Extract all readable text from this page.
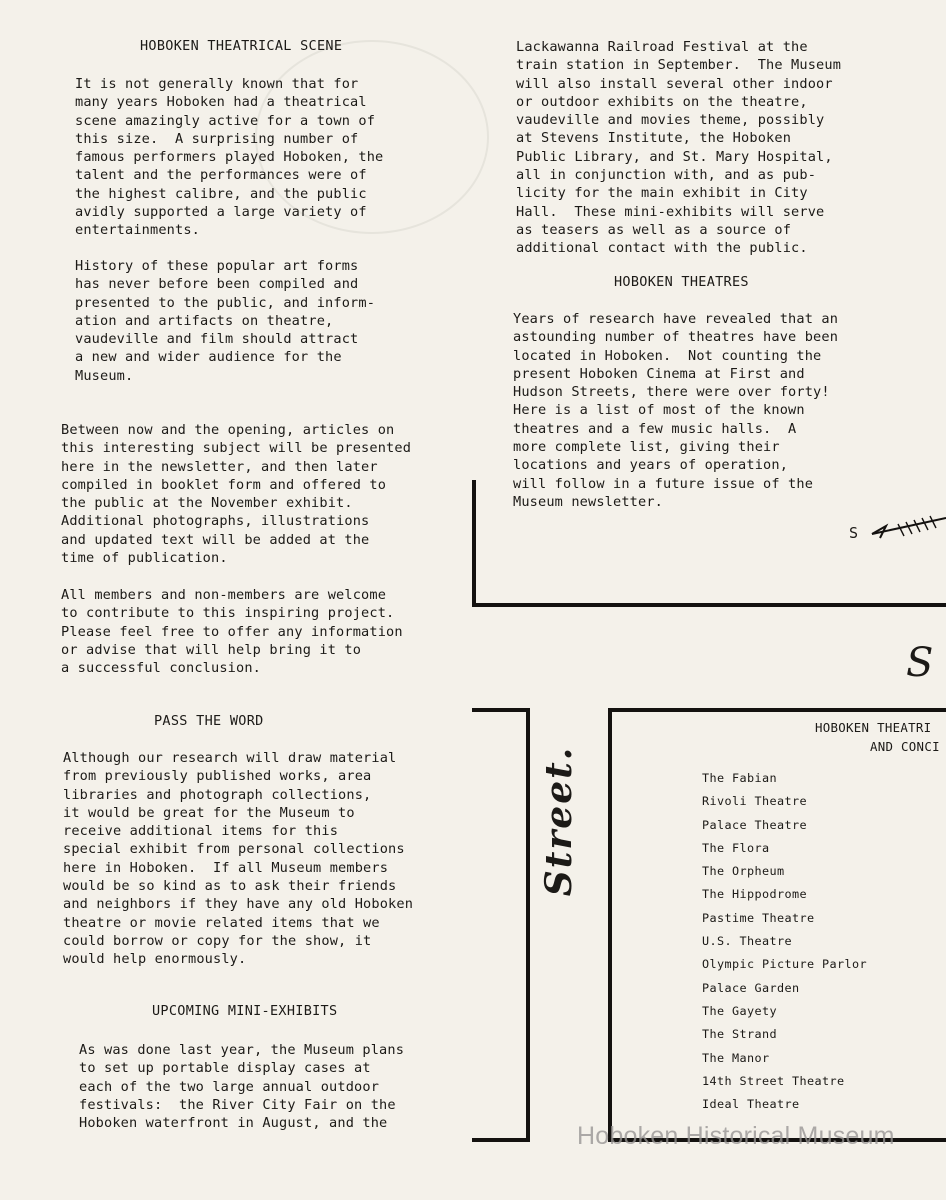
HOBOKEN THEATRICAL SCENE
It is not generally known that for
many years Hoboken had a theatrical
scene amazingly active for a town of
this size.  A surprising number of
famous performers played Hoboken, the
talent and the performances were of
the highest calibre, and the public
avidly supported a large variety of
entertainments.
History of these popular art forms
has never before been compiled and
presented to the public, and inform-
ation and artifacts on theatre,
vaudeville and film should attract
a new and wider audience for the
Museum.
Between now and the opening, articles on
this interesting subject will be presented
here in the newsletter, and then later
compiled in booklet form and offered to
the public at the November exhibit.
Additional photographs, illustrations
and updated text will be added at the
time of publication.
All members and non-members are welcome
to contribute to this inspiring project.
Please feel free to offer any information
or advise that will help bring it to
a successful conclusion.
PASS THE WORD
Although our research will draw material
from previously published works, area
libraries and photograph collections,
it would be great for the Museum to
receive additional items for this
special exhibit from personal collections
here in Hoboken.  If all Museum members
would be so kind as to ask their friends
and neighbors if they have any old Hoboken
theatre or movie related items that we
could borrow or copy for the show, it
would help enormously.
UPCOMING MINI-EXHIBITS
As was done last year, the Museum plans
to set up portable display cases at
each of the two large annual outdoor
festivals:  the River City Fair on the
Hoboken waterfront in August, and the
Lackawanna Railroad Festival at the
train station in September.  The Museum
will also install several other indoor
or outdoor exhibits on the theatre,
vaudeville and movies theme, possibly
at Stevens Institute, the Hoboken
Public Library, and St. Mary Hospital,
all in conjunction with, and as pub-
licity for the main exhibit in City
Hall.  These mini-exhibits will serve
as teasers as well as a source of
additional contact with the public.
HOBOKEN THEATRES
Years of research have revealed that an
astounding number of theatres have been
located in Hoboken.  Not counting the
present Hoboken Cinema at First and
Hudson Streets, there were over forty!
Here is a list of most of the known
theatres and a few music halls.  A
more complete list, giving their
locations and years of operation,
will follow in a future issue of the
Museum newsletter.
S
S
Street.
HOBOKEN THEATRI
AND CONCI
The Fabian
Rivoli Theatre
Palace Theatre
The Flora
The Orpheum
The Hippodrome
Pastime Theatre
U.S. Theatre
Olympic Picture Parlor
Palace Garden
The Gayety
The Strand
The Manor
14th Street Theatre
Ideal Theatre
Hoboken Historical Museum
